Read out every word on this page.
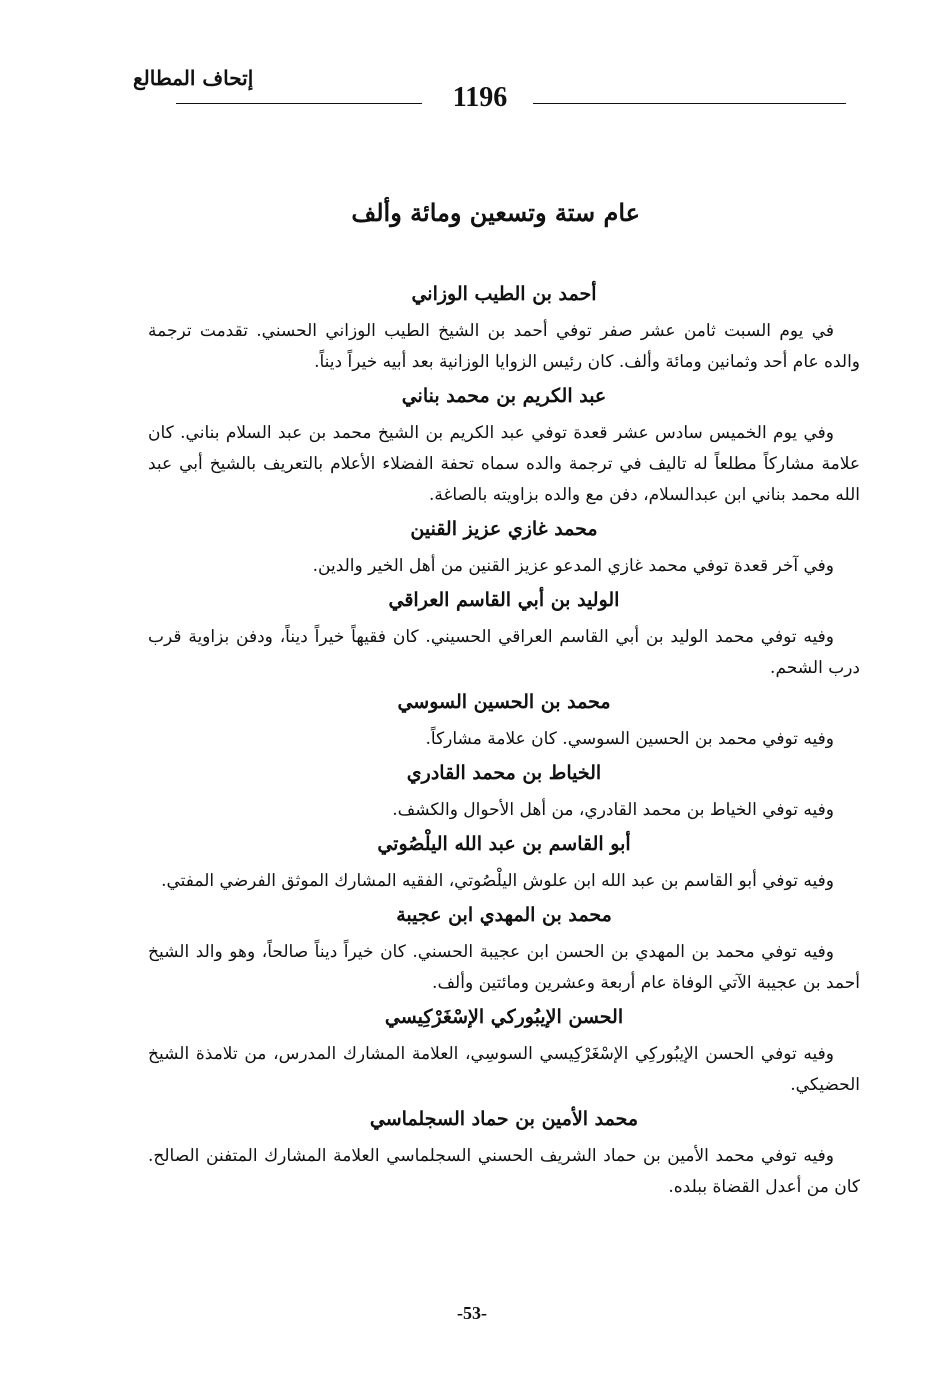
إتحاف المطالع
1196
عام ستة وتسعين ومائة وألف
أحمد بن الطيب الوزاني

في يوم السبت ثامن عشر صفر توفي أحمد بن الشيخ الطيب الوزاني الحسني. تقدمت ترجمة والده عام أحد وثمانين ومائة وألف. كان رئيس الزوايا الوزانية بعد أبيه خيراً ديناً.

عبد الكريم بن محمد بناني

وفي يوم الخميس سادس عشر قعدة توفي عبد الكريم بن الشيخ محمد بن عبد السلام بناني. كان علامة مشاركاً مطلعاً له تاليف في ترجمة والده سماه تحفة الفضلاء الأعلام بالتعريف بالشيخ أبي عبد الله محمد بناني ابن عبدالسلام، دفن مع والده بزاويته بالصاغة.

محمد غازي عزيز القنين

وفي آخر قعدة توفي محمد غازي المدعو عزيز القنين من أهل الخير والدين.

الوليد بن أبي القاسم العراقي

وفيه توفي محمد الوليد بن أبي القاسم العراقي الحسيني. كان فقيهاً خيراً ديناً، ودفن بزاوية قرب درب الشحم.

محمد بن الحسين السوسي

وفيه توفي محمد بن الحسين السوسي. كان علامة مشاركاً.

الخياط بن محمد القادري

وفيه توفي الخياط بن محمد القادري، من أهل الأحوال والكشف.

أبو القاسم بن عبد الله اليلْصُوتي

وفيه توفي أبو القاسم بن عبد الله ابن علوش اليلْصُوتي، الفقيه المشارك الموثق الفرضي المفتي.

محمد بن المهدي ابن عجيبة

وفيه توفي محمد بن المهدي بن الحسن ابن عجيبة الحسني. كان خيراً ديناً صالحاً، وهو والد الشيخ أحمد بن عجيبة الآتي الوفاة عام أربعة وعشرين ومائتين وألف.

الحسن الإيبُوركي الإسْغَرْكِيسي

وفيه توفي الحسن الإيبُوركِي الإسْغَرْكِيسي السوسِي، العلامة المشارك المدرس، من تلامذة الشيخ الحضيكي.

محمد الأمين بن حماد السجلماسي

وفيه توفي محمد الأمين بن حماد الشريف الحسني السجلماسي العلامة المشارك المتفنن الصالح. كان من أعدل القضاة ببلده.

-53-
